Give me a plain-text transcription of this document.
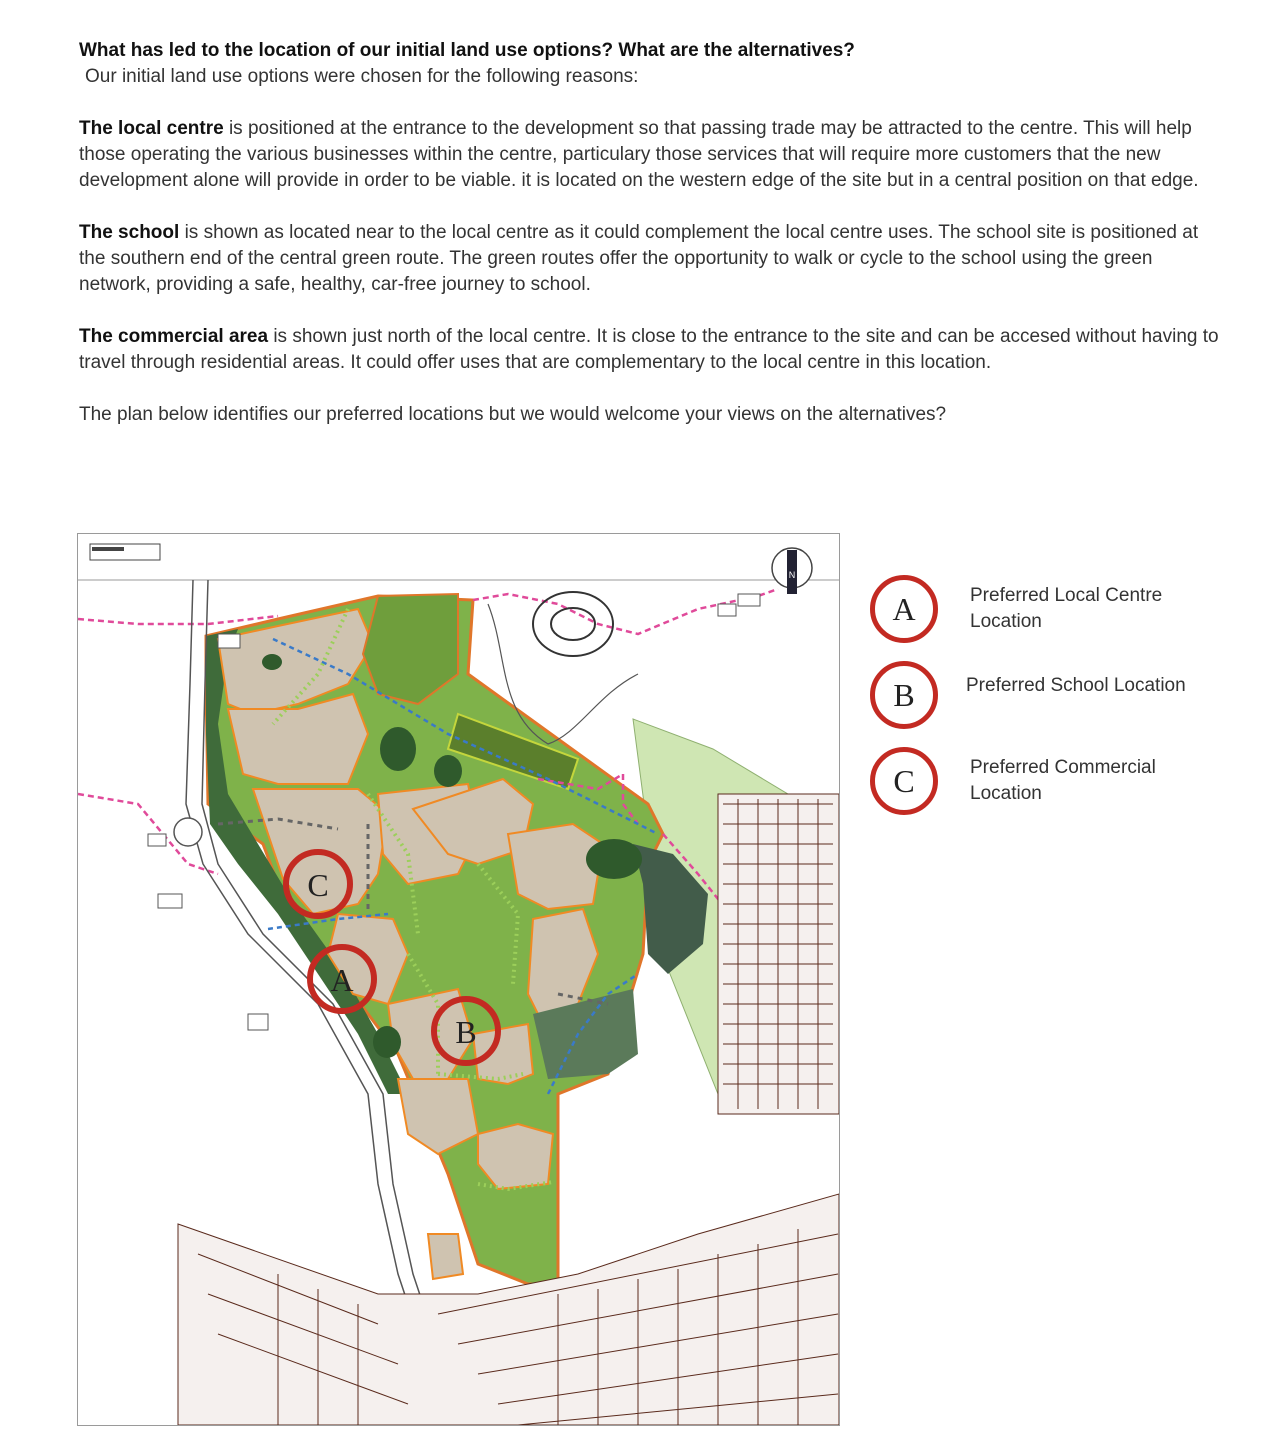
What has led to the location of our initial land use options? What are the alternatives?

Our initial land use options were chosen for the following reasons:

The local centre is positioned at the entrance to the development so that passing trade may be attracted to the centre. This will help those operating the various businesses within the centre, particulary those services that will require more customers that the new development alone will provide in order to be viable. it is located on the western edge of the site but in a central position on that edge.

The school is shown as located near to the local centre as it could complement the local centre uses. The school site is positioned at the southern end of the central green route. The green routes offer the opportunity to walk or cycle to the school using the green network, providing a safe, healthy, car-free journey to school.

The commercial area is shown just north of the local centre. It is close to the entrance to the site and can be accesed without having to travel through residential areas. It could offer uses that are complementary to the local centre in this location.

The plan below identifies our preferred locations but we would welcome your views on the alternatives?

N
C
A
B
A	Preferred Local Centre Location
B	Preferred School Location
C	Preferred Commercial Location
